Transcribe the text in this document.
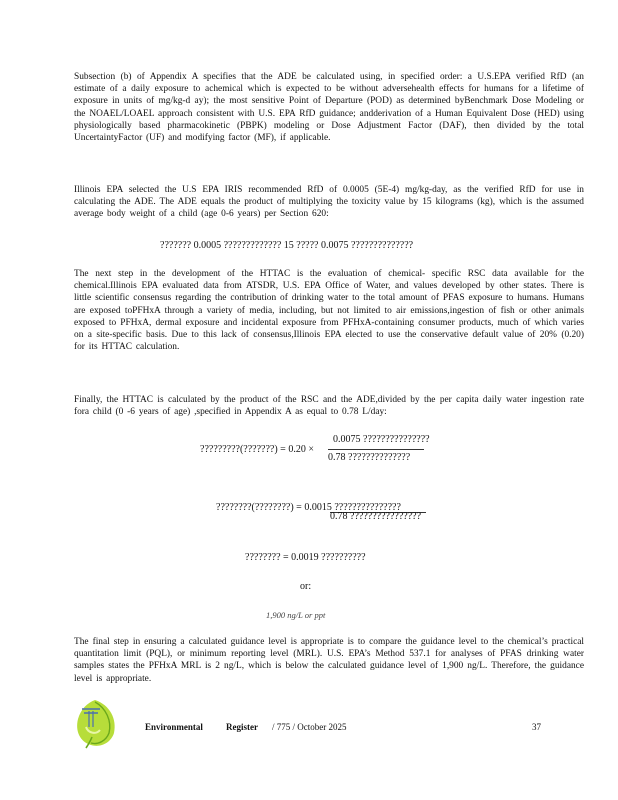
Subsection (b) of Appendix A specifies that the ADE be calculated using, in specified order: a U.S.EPA verified RfD (an estimate of a daily exposure to achemical which is expected to be without adversehealth effects for humans for a lifetime of exposure in units of mg/kg-d ay); the most sensitive Point of Departure (POD) as determined byBenchmark Dose Modeling or the NOAEL/LOAEL approach consistent with U.S. EPA RfD guidance; andderivation of a Human Equivalent Dose (HED) using physiologically based pharmacokinetic (PBPK) modeling or Dose Adjustment Factor (DAF), then divided by the total UncertaintyFactor (UF) and modifying factor (MF), if applicable.

Illinois EPA selected the U.S EPA IRIS recommended RfD of 0.0005 (5E-4) mg/kg-day, as the verified RfD for use in calculating the ADE. The ADE equals the product of multiplying the toxicity value by 15 kilograms (kg), which is the assumed average body weight of a child (age 0-6 years) per Section 620:

??????? 0.0005 ????????????? 15 ????? 0.0075 ??????????????

The next step in the development of the HTTAC is the evaluation of chemical- specific RSC data available for the chemical.Illinois EPA evaluated data from ATSDR, U.S. EPA Office of Water, and values developed by other states. There is little scientific consensus regarding the contribution of drinking water to the total amount of PFAS exposure to humans. Humans are exposed toPFHxA through a variety of media, including, but not limited to air emissions,ingestion of fish or other animals exposed to PFHxA, dermal exposure and incidental exposure from PFHxA-containing consumer products, much of which varies on a site-specific basis. Due to this lack of consensus,Illinois EPA elected to use the conservative default value of 20% (0.20) for its HTTAC calculation.

Finally, the HTTAC is calculated by the product of the RSC and the ADE,divided by the per capita daily water ingestion rate fora child (0 -6 years of age) ,specified in Appendix A as equal to 0.78 L/day:

?????????(???????) = 0.20 ×
0.0075 ???????????????
0.78 ??????????????
????????(????????) = 0.0015 ???????????????
0.78 ????????????????
???????? = 0.0019 ??????????
or:
1,900 ng/L or ppt

The final step in ensuring a calculated guidance level is appropriate is to compare the guidance level to the chemical’s practical quantitation limit (PQL), or minimum reporting level (MRL). U.S. EPA’s Method 537.1 for analyses of PFAS drinking water samples states the PFHxA MRL is 2 ng/L, which is below the calculated guidance level of 1,900 ng/L. Therefore, the guidance level is appropriate.

Environmental	Register / 775 / October 2025	37
